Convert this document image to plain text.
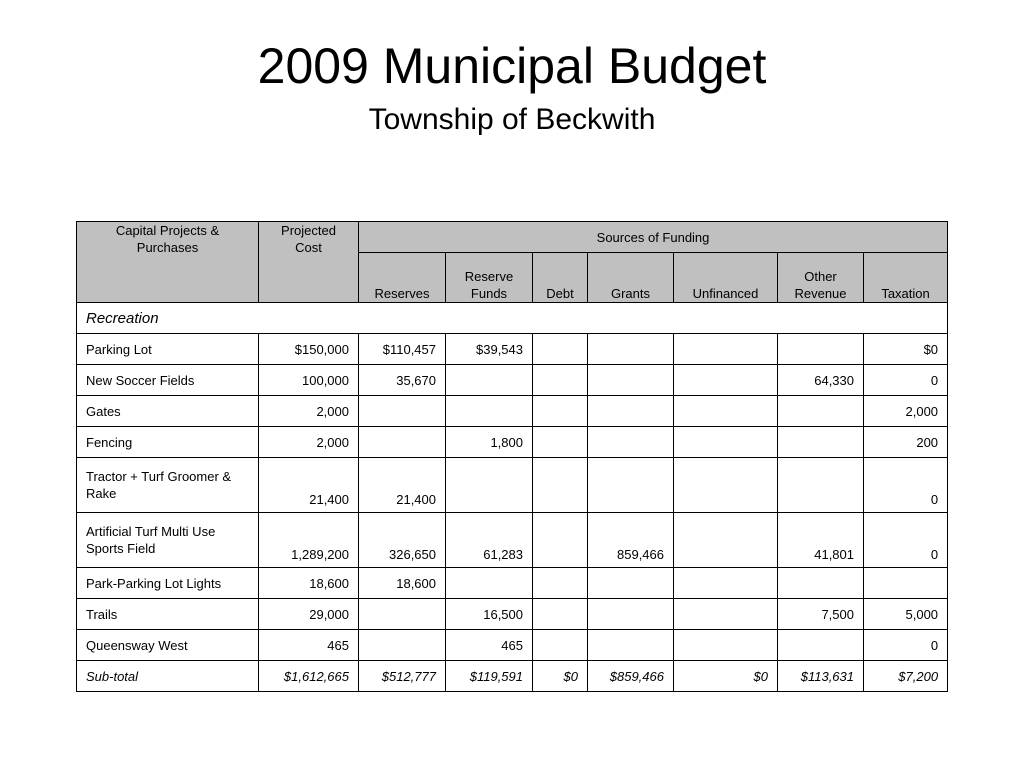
2009 Municipal Budget
Township of Beckwith
Capital Projects & Purchases	Projected Cost	Sources of Funding						
		Reserves	Reserve Funds	Debt	Grants	Unfinanced	Other Revenue	Taxation
Recreation								
Parking Lot	$150,000	$110,457	$39,543					$0
New Soccer Fields	100,000	35,670					64,330	0
Gates	2,000							2,000
Fencing	2,000		1,800					200
Tractor + Turf Groomer & Rake	21,400	21,400						0
Artificial Turf Multi Use Sports Field	1,289,200	326,650	61,283		859,466		41,801	0
Park-Parking Lot Lights	18,600	18,600						
Trails	29,000		16,500				7,500	5,000
Queensway West	465		465					0
Sub-total	$1,612,665	$512,777	$119,591	$0	$859,466	$0	$113,631	$7,200
